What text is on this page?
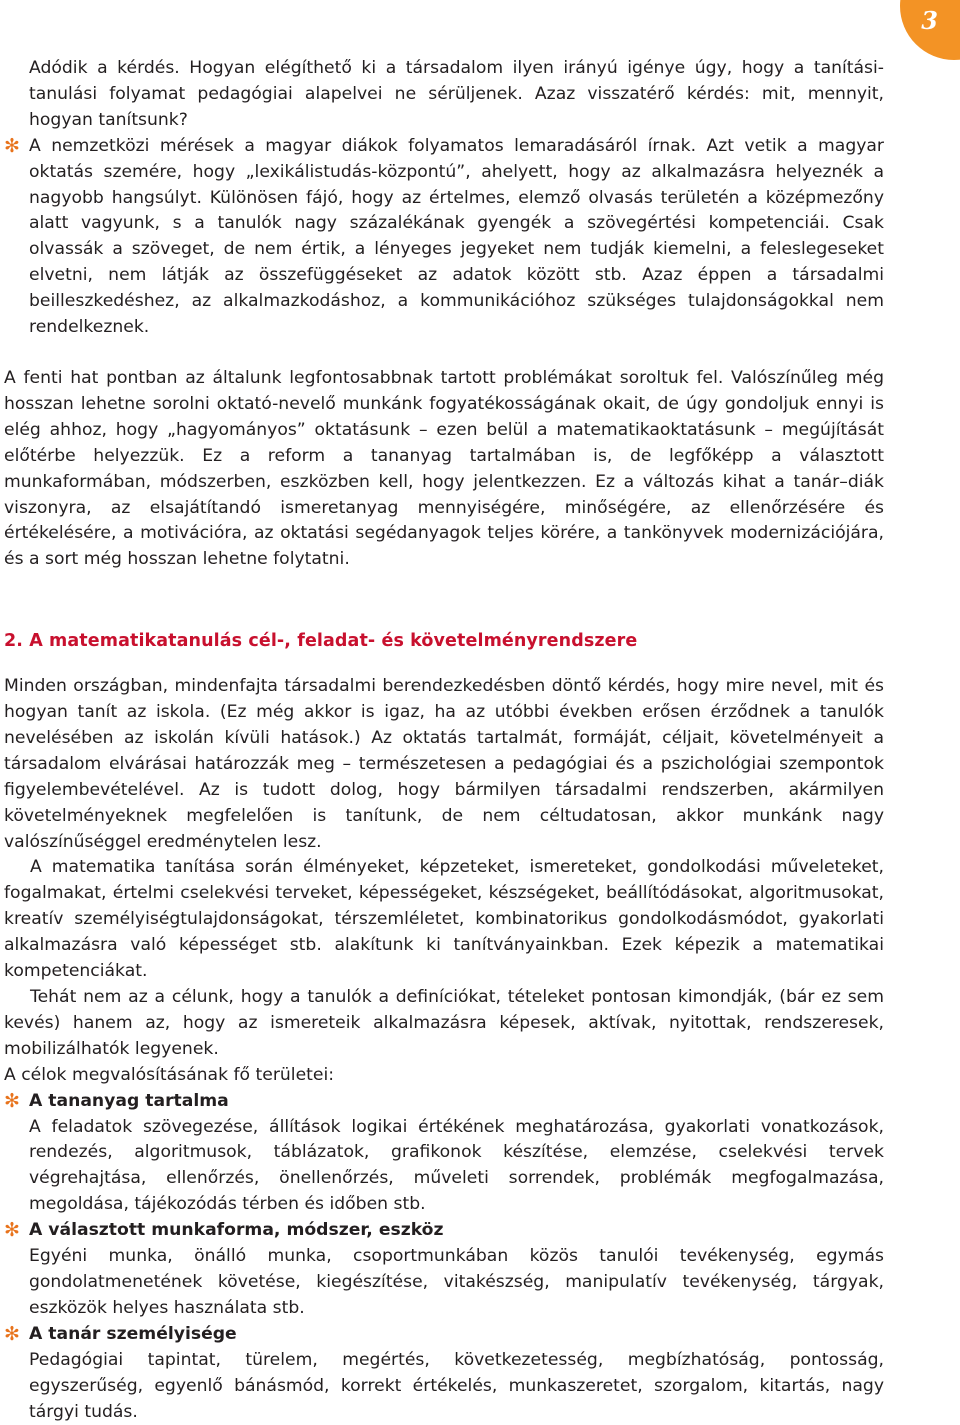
3

Adódik a kérdés. Hogyan elégíthető ki a társadalom ilyen irányú igénye úgy, hogy a tanítási-tanulási folyamat pedagógiai alapelvei ne sérüljenek. Azaz visszatérő kérdés: mit, mennyit, hogyan tanítsunk?

✻ A nemzetközi mérések a magyar diákok folyamatos lemaradásáról írnak. Azt vetik a magyar oktatás szemére, hogy „lexikálistudás-központú”, ahelyett, hogy az alkalmazásra helyeznék a nagyobb hangsúlyt. Különösen fájó, hogy az értelmes, elemző olvasás területén a középmezőny alatt vagyunk, s a tanulók nagy százalékának gyengék a szövegértési kompetenciái. Csak olvassák a szöveget, de nem értik, a lényeges jegyeket nem tudják kiemelni, a feleslegeseket elvetni, nem látják az összefüggéseket az adatok között stb. Azaz éppen a társadalmi beilleszkedéshez, az alkalmazkodáshoz, a kommunikációhoz szükséges tulajdonságokkal nem rendelkeznek.

A fenti hat pontban az általunk legfontosabbnak tartott problémákat soroltuk fel. Valószínűleg még hosszan lehetne sorolni oktató-nevelő munkánk fogyatékosságának okait, de úgy gondoljuk ennyi is elég ahhoz, hogy „hagyományos” oktatásunk – ezen belül a matematikaoktatásunk – megújítását előtérbe helyezzük. Ez a reform a tananyag tartalmában is, de legfőképp a választott munkaformában, módszerben, eszközben kell, hogy jelentkezzen. Ez a változás kihat a tanár–diák viszonyra, az elsajátítandó ismeretanyag mennyiségére, minőségére, az ellenőrzésére és értékelésére, a motivációra, az oktatási segédanyagok teljes körére, a tankönyvek modernizációjára, és a sort még hosszan lehetne folytatni.

2. A matematikatanulás cél-, feladat- és követelményrendszere

Minden országban, mindenfajta társadalmi berendezkedésben döntő kérdés, hogy mire nevel, mit és hogyan tanít az iskola. (Ez még akkor is igaz, ha az utóbbi években erősen érződnek a tanulók nevelésében az iskolán kívüli hatások.) Az oktatás tartalmát, formáját, céljait, követelményeit a társadalom elvárásai határozzák meg – természetesen a pedagógiai és a pszichológiai szempontok figyelembevételével. Az is tudott dolog, hogy bármilyen társadalmi rendszerben, akármilyen követelményeknek megfelelően is tanítunk, de nem céltudatosan, akkor munkánk nagy valószínűséggel eredménytelen lesz.

A matematika tanítása során élményeket, képzeteket, ismereteket, gondolkodási műveleteket, fogalmakat, értelmi cselekvési terveket, képességeket, készségeket, beállítódásokat, algoritmusokat, kreatív személyiségtulajdonságokat, térszemléletet, kombinatorikus gondolkodásmódot, gyakorlati alkalmazásra való képességet stb. alakítunk ki tanítványainkban. Ezek képezik a matematikai kompetenciákat.

Tehát nem az a célunk, hogy a tanulók a definíciókat, tételeket pontosan kimondják, (bár ez sem kevés) hanem az, hogy az ismereteik alkalmazásra képesek, aktívak, nyitottak, rendszeresek, mobilizálhatók legyenek.

A célok megvalósításának fő területei:

✻ A tananyag tartalma

A feladatok szövegezése, állítások logikai értékének meghatározása, gyakorlati vonatkozások, rendezés, algoritmusok, táblázatok, grafikonok készítése, elemzése, cselekvési tervek végrehajtása, ellenőrzés, önellenőrzés, műveleti sorrendek, problémák megfogalmazása, megoldása, tájékozódás térben és időben stb.

✻ A választott munkaforma, módszer, eszköz

Egyéni munka, önálló munka, csoportmunkában közös tanulói tevékenység, egymás gondolatmenetének követése, kiegészítése, vitakészség, manipulatív tevékenység, tárgyak, eszközök helyes használata stb.

✻ A tanár személyisége

Pedagógiai tapintat, türelem, megértés, következetesség, megbízhatóság, pontosság, egyszerűség, egyenlő bánásmód, korrekt értékelés, munkaszeretet, szorgalom, kitartás, nagy tárgyi tudás.
